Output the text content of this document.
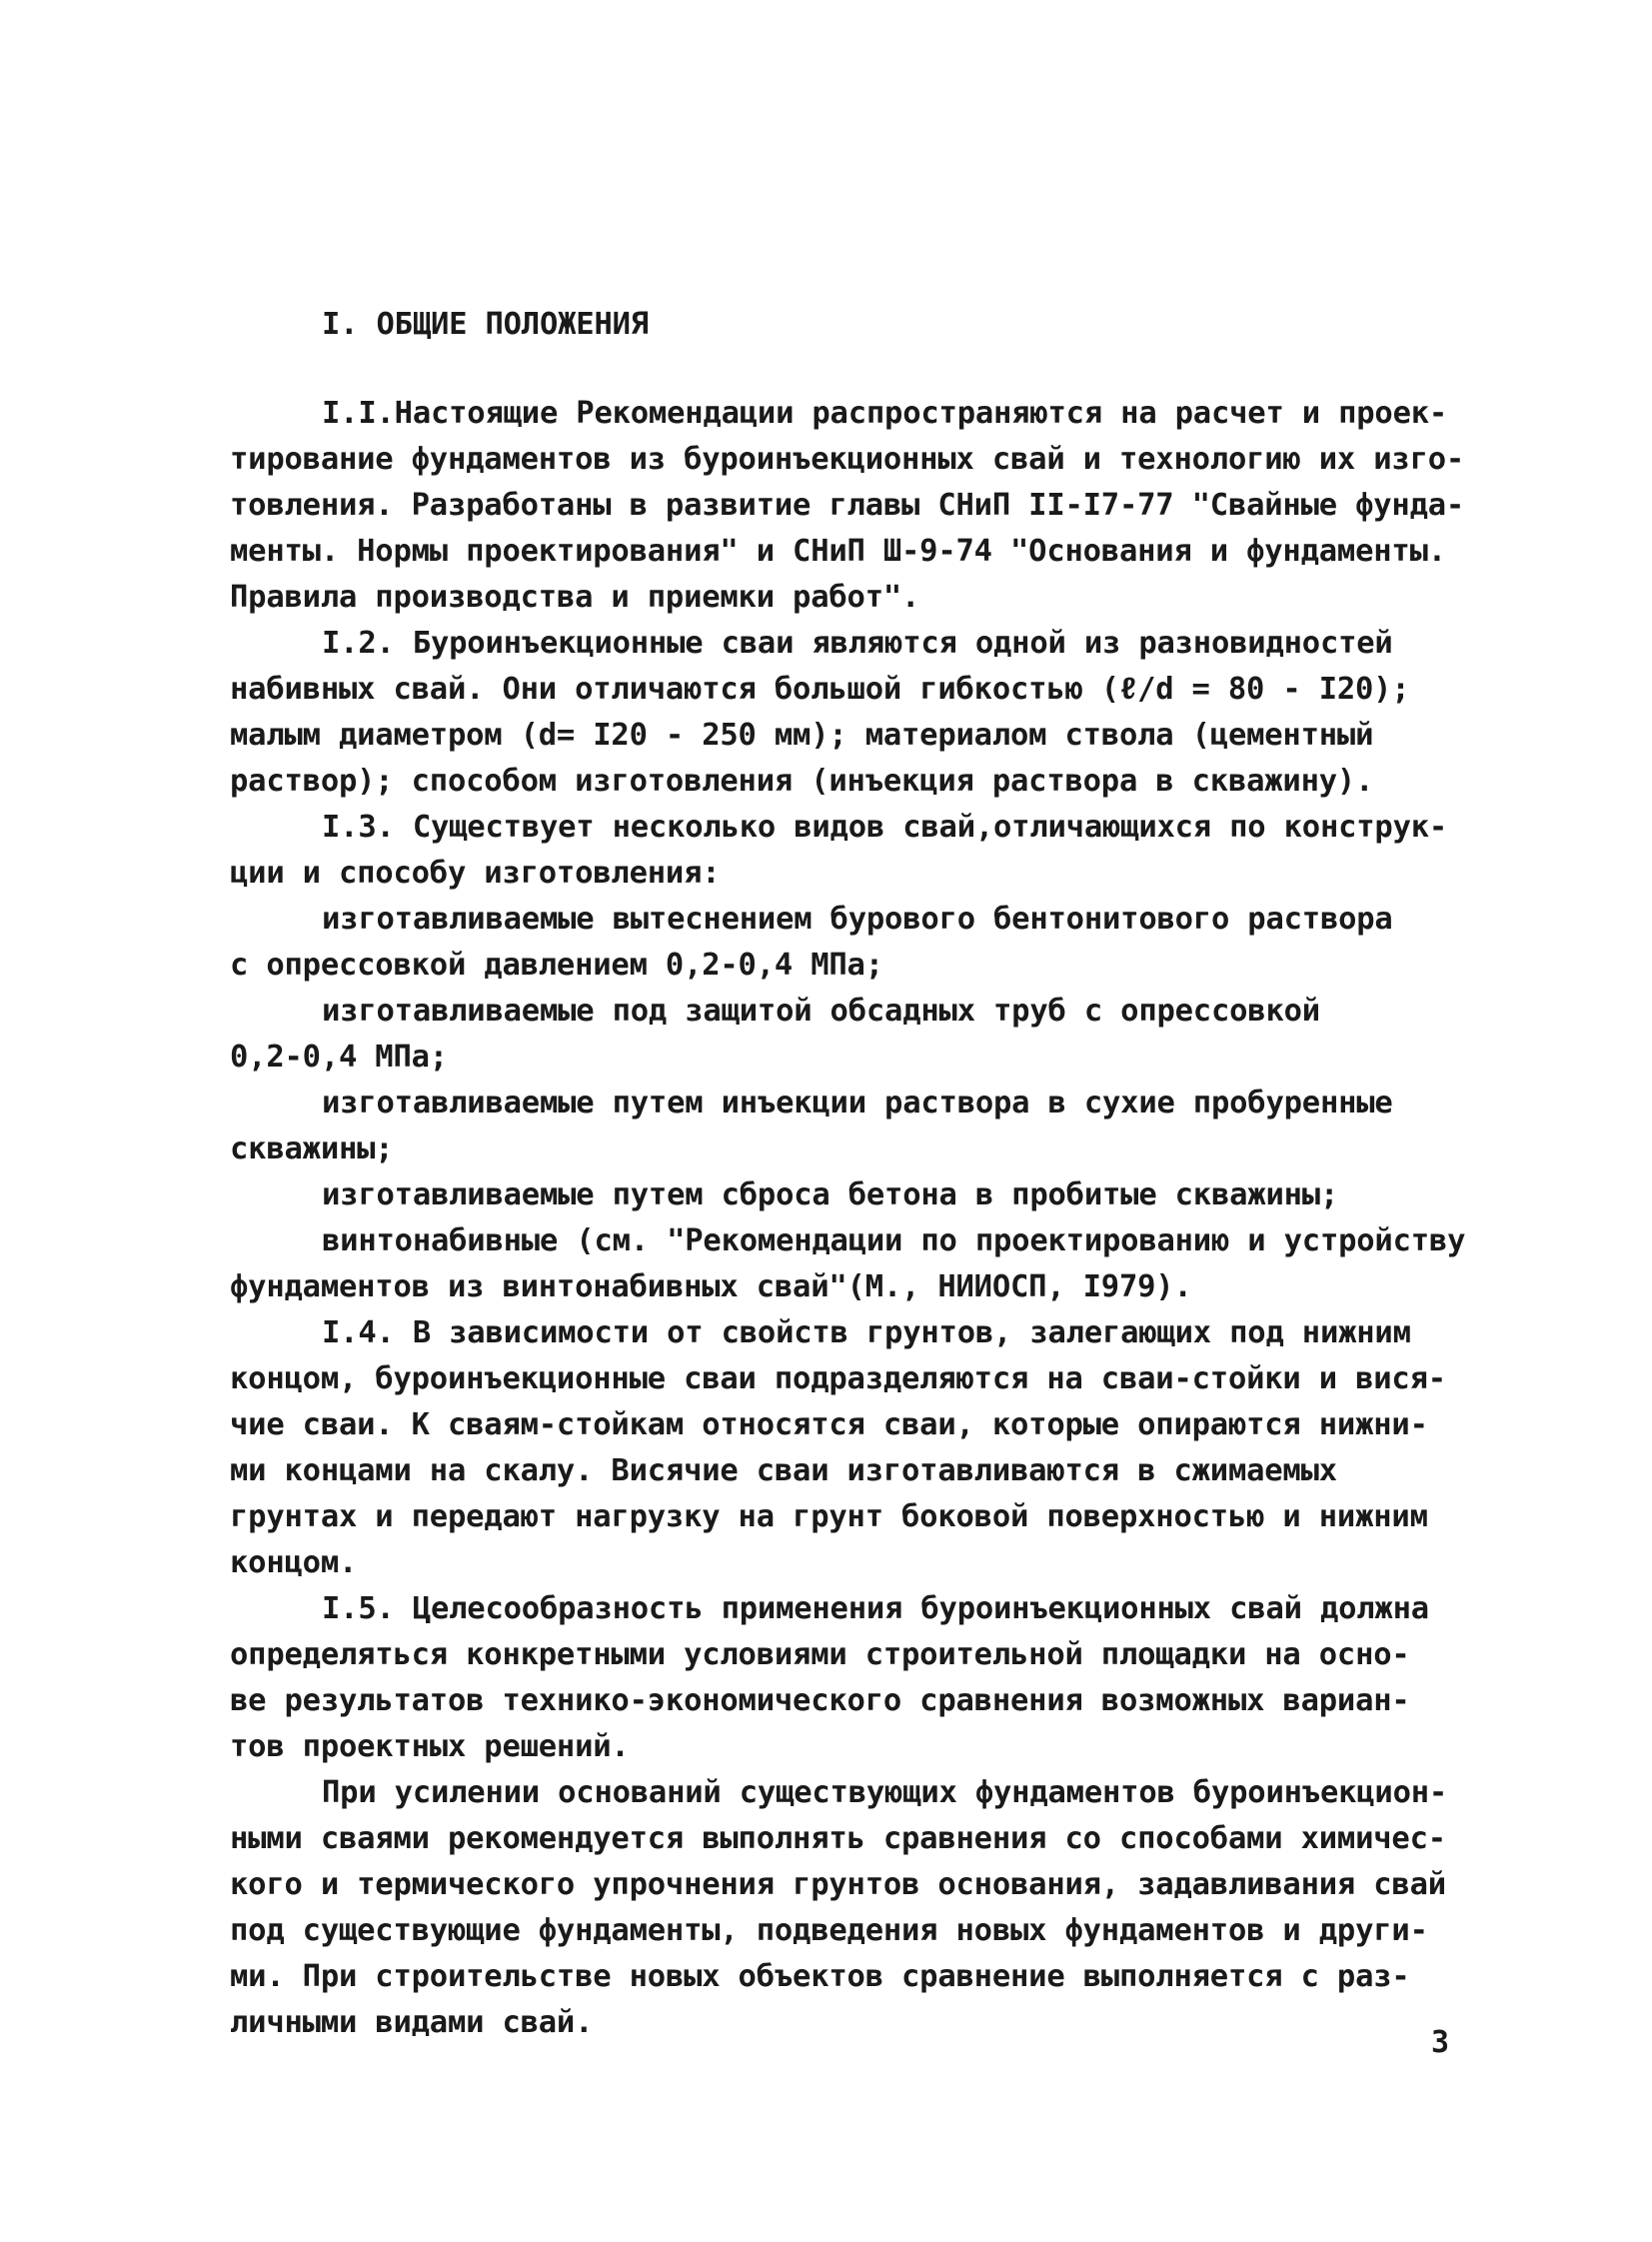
I. ОБЩИЕ ПОЛОЖЕНИЯ
I.I.Настоящие Рекомендации распространяются на расчет и проек-
тирование фундаментов из буроинъекционных свай и технологию их изго-
товления. Разработаны в развитие главы СНиП II-I7-77 "Свайные фунда-
менты. Нормы проектирования" и СНиП Ш-9-74 "Основания и фундаменты.
Правила производства и приемки работ".
I.2. Буроинъекционные сваи являются одной из разновидностей
набивных свай. Они отличаются большой гибкостью (ℓ/d = 80 - I20);
малым диаметром (d= I20 - 250 мм); материалом ствола (цементный
раствор); способом изготовления (инъекция раствора в скважину).
I.3. Существует несколько видов свай,отличающихся по конструк-
ции и способу изготовления:
изготавливаемые вытеснением бурового бентонитового раствора
с опрессовкой давлением 0,2-0,4 МПа;
изготавливаемые под защитой обсадных труб с опрессовкой
0,2-0,4 МПа;
изготавливаемые путем инъекции раствора в сухие пробуренные
скважины;
изготавливаемые путем сброса бетона в пробитые скважины;
винтонабивные (см. "Рекомендации по проектированию и устройству
фундаментов из винтонабивных свай"(М., НИИОСП, I979).
I.4. В зависимости от свойств грунтов, залегающих под нижним
концом, буроинъекционные сваи подразделяются на сваи-стойки и вися-
чие сваи. К сваям-стойкам относятся сваи, которые опираются нижни-
ми концами на скалу. Висячие сваи изготавливаются в сжимаемых
грунтах и передают нагрузку на грунт боковой поверхностью и нижним
концом.
I.5. Целесообразность применения буроинъекционных свай должна
определяться конкретными условиями строительной площадки на осно-
ве результатов технико-экономического сравнения возможных вариан-
тов проектных решений.
При усилении оснований существующих фундаментов буроинъекцион-
ными сваями рекомендуется выполнять сравнения со способами химичес-
кого и термического упрочнения грунтов основания, задавливания свай
под существующие фундаменты, подведения новых фундаментов и други-
ми. При строительстве новых объектов сравнение выполняется с раз-
личными видами свай.
3
